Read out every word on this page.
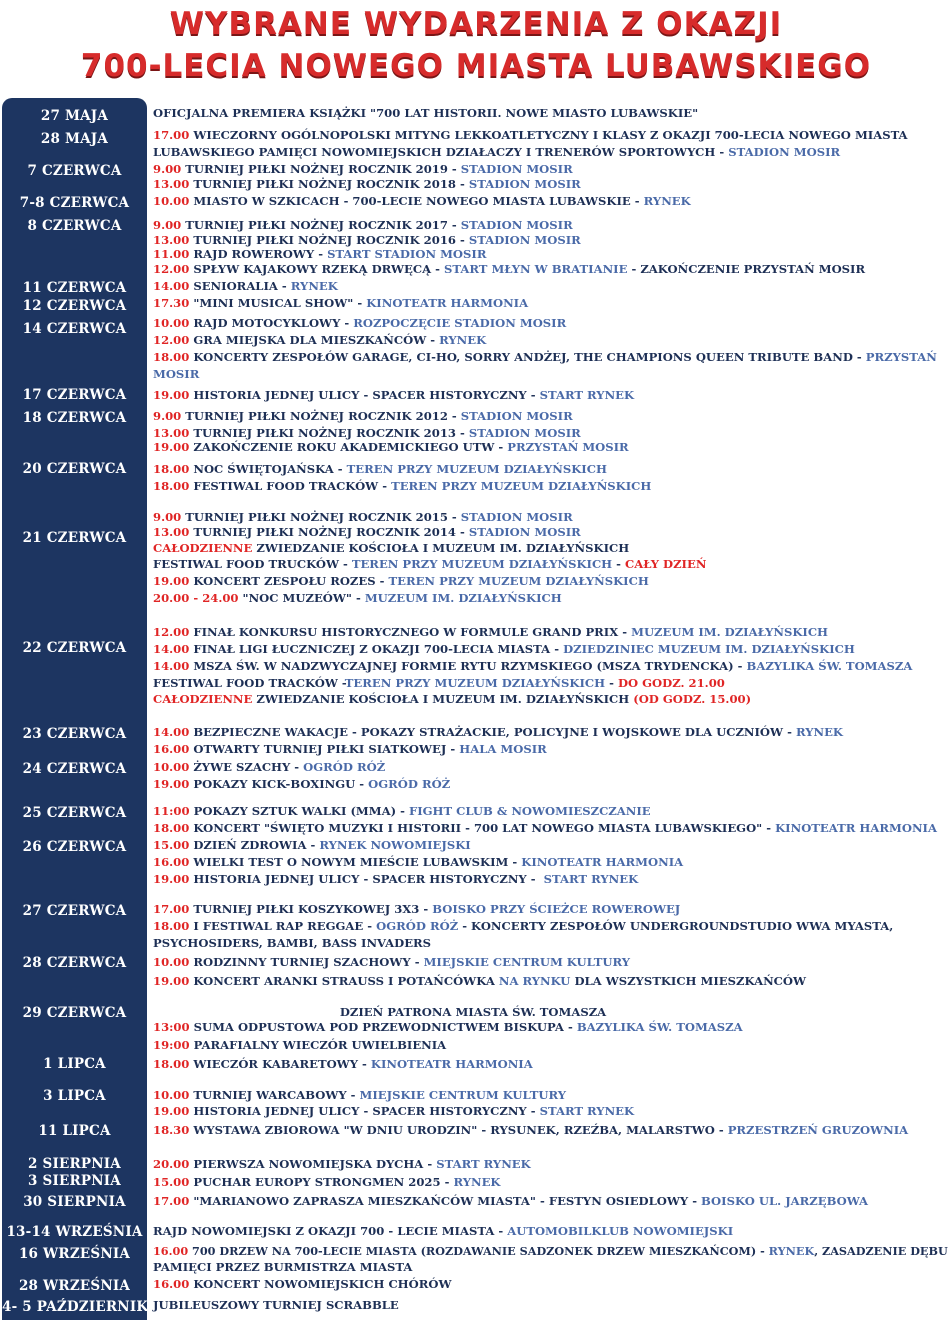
WYBRANE WYDARZENIA Z OKAZJI
700-LECIA NOWEGO MIASTA LUBAWSKIEGO
27 MAJA
28 MAJA
7 CZERWCA
7-8 CZERWCA
8 CZERWCA
11 CZERWCA
12 CZERWCA
14 CZERWCA
17 CZERWCA
18 CZERWCA
20 CZERWCA
21 CZERWCA
22 CZERWCA
23 CZERWCA
24 CZERWCA
25 CZERWCA
26 CZERWCA
27 CZERWCA
28 CZERWCA
29 CZERWCA
1 LIPCA
3 LIPCA
11 LIPCA
2 SIERPNIA
3 SIERPNIA
30 SIERPNIA
13-14 WRZEŚNIA
16 WRZEŚNIA
28 WRZEŚNIA
4- 5 PAŹDZIERNIKA
OFICJALNA PREMIERA KSIĄŻKI "700 LAT HISTORII. NOWE MIASTO LUBAWSKIE"
17.00 WIECZORNY OGÓLNOPOLSKI MITYNG LEKKOATLETYCZNY I KLASY Z OKAZJI 700-LECIA NOWEGO MIASTA
LUBAWSKIEGO PAMIĘCI NOWOMIEJSKICH DZIAŁACZY I TRENERÓW SPORTOWYCH - STADION MOSIR
9.00 TURNIEJ PIŁKI NOŻNEJ ROCZNIK 2019 - STADION MOSIR
13.00 TURNIEJ PIŁKI NOŻNEJ ROCZNIK 2018 - STADION MOSIR
10.00 MIASTO W SZKICACH - 700-LECIE NOWEGO MIASTA LUBAWSKIE - RYNEK
9.00 TURNIEJ PIŁKI NOŻNEJ ROCZNIK 2017 - STADION MOSIR
13.00 TURNIEJ PIŁKI NOŻNEJ ROCZNIK 2016 - STADION MOSIR
11.00 RAJD ROWEROWY - START STADION MOSIR
12.00 SPŁYW KAJAKOWY RZEKĄ DRWĘCĄ - START MŁYN W BRATIANIE - ZAKOŃCZENIE PRZYSTAŃ MOSIR
14.00 SENIORALIA - RYNEK
17.30 "MINI MUSICAL SHOW" - KINOTEATR HARMONIA
10.00 RAJD MOTOCYKLOWY - ROZPOCZĘCIE STADION MOSIR
12.00 GRA MIEJSKA DLA MIESZKAŃCÓW - RYNEK
18.00 KONCERTY ZESPOŁÓW GARAGE, CI-HO, SORRY ANDŻEJ, THE CHAMPIONS QUEEN TRIBUTE BAND - PRZYSTAŃ
MOSIR
19.00 HISTORIA JEDNEJ ULICY - SPACER HISTORYCZNY - START RYNEK
9.00 TURNIEJ PIŁKI NOŻNEJ ROCZNIK 2012 - STADION MOSIR
13.00 TURNIEJ PIŁKI NOŻNEJ ROCZNIK 2013 - STADION MOSIR
19.00 ZAKOŃCZENIE ROKU AKADEMICKIEGO UTW - PRZYSTAŃ MOSIR
18.00 NOC ŚWIĘTOJAŃSKA - TEREN PRZY MUZEUM DZIAŁYŃSKICH
18.00 FESTIWAL FOOD TRACKÓW - TEREN PRZY MUZEUM DZIAŁYŃSKICH
9.00 TURNIEJ PIŁKI NOŻNEJ ROCZNIK 2015 - STADION MOSIR
13.00 TURNIEJ PIŁKI NOŻNEJ ROCZNIK 2014 - STADION MOSIR
CAŁODZIENNE ZWIEDZANIE KOŚCIOŁA I MUZEUM IM. DZIAŁYŃSKICH
FESTIWAL FOOD TRUCKÓW - TEREN PRZY MUZEUM DZIAŁYŃSKICH - CAŁY DZIEŃ
19.00 KONCERT ZESPOŁU ROZES - TEREN PRZY MUZEUM DZIAŁYŃSKICH
20.00 - 24.00 "NOC MUZEÓW" - MUZEUM IM. DZIAŁYŃSKICH
12.00 FINAŁ KONKURSU HISTORYCZNEGO W FORMULE GRAND PRIX - MUZEUM IM. DZIAŁYŃSKICH
14.00 FINAŁ LIGI ŁUCZNICZEJ Z OKAZJI 700-LECIA MIASTA - DZIEDZINIEC MUZEUM IM. DZIAŁYŃSKICH
14.00 MSZA ŚW. W NADZWYCZAJNEJ FORMIE RYTU RZYMSKIEGO (MSZA TRYDENCKA) - BAZYLIKA ŚW. TOMASZA
FESTIWAL FOOD TRACKÓW -TEREN PRZY MUZEUM DZIAŁYŃSKICH - DO GODZ. 21.00
CAŁODZIENNE ZWIEDZANIE KOŚCIOŁA I MUZEUM IM. DZIAŁYŃSKICH (OD GODZ. 15.00)
14.00 BEZPIECZNE WAKACJE - POKAZY STRAŻACKIE, POLICYJNE I WOJSKOWE DLA UCZNIÓW - RYNEK
16.00 OTWARTY TURNIEJ PIŁKI SIATKOWEJ - HALA MOSIR
10.00 ŻYWE SZACHY - OGRÓD RÓŻ
19.00 POKAZY KICK-BOXINGU - OGRÓD RÓŻ
11:00 POKAZY SZTUK WALKI (MMA) - FIGHT CLUB & NOWOMIESZCZANIE
18.00 KONCERT "ŚWIĘTO MUZYKI I HISTORII - 700 LAT NOWEGO MIASTA LUBAWSKIEGO" - KINOTEATR HARMONIA
15.00 DZIEŃ ZDROWIA - RYNEK NOWOMIEJSKI
16.00 WIELKI TEST O NOWYM MIEŚCIE LUBAWSKIM - KINOTEATR HARMONIA
19.00 HISTORIA JEDNEJ ULICY - SPACER HISTORYCZNY -  START RYNEK
17.00 TURNIEJ PIŁKI KOSZYKOWEJ 3X3 - BOISKO PRZY ŚCIEŻCE ROWEROWEJ
18.00 I FESTIWAL RAP REGGAE - OGRÓD RÓŻ - KONCERTY ZESPOŁÓW UNDERGROUNDSTUDIO WWA MYASTA,
PSYCHOSIDERS, BAMBI, BASS INVADERS
10.00 RODZINNY TURNIEJ SZACHOWY - MIEJSKIE CENTRUM KULTURY
19.00 KONCERT ARANKI STRAUSS I POTAŃCÓWKA NA RYNKU DLA WSZYSTKICH MIESZKAŃCÓW
DZIEŃ PATRONA MIASTA ŚW. TOMASZA
13:00 SUMA ODPUSTOWA POD PRZEWODNICTWEM BISKUPA - BAZYLIKA ŚW. TOMASZA
19:00 PARAFIALNY WIECZÓR UWIELBIENIA
18.00 WIECZÓR KABARETOWY - KINOTEATR HARMONIA
10.00 TURNIEJ WARCABOWY - MIEJSKIE CENTRUM KULTURY
19.00 HISTORIA JEDNEJ ULICY - SPACER HISTORYCZNY - START RYNEK
18.30 WYSTAWA ZBIOROWA "W DNIU URODZIN" - RYSUNEK, RZEŹBA, MALARSTWO - PRZESTRZEŃ GRUZOWNIA
20.00 PIERWSZA NOWOMIEJSKA DYCHA - START RYNEK
15.00 PUCHAR EUROPY STRONGMEN 2025 - RYNEK
17.00 "MARIANOWO ZAPRASZA MIESZKAŃCÓW MIASTA" - FESTYN OSIEDLOWY - BOISKO UL. JARZĘBOWA
RAJD NOWOMIEJSKI Z OKAZJI 700 - LECIE MIASTA - AUTOMOBILKLUB NOWOMIEJSKI
16.00 700 DRZEW NA 700-LECIE MIASTA (ROZDAWANIE SADZONEK DRZEW MIESZKAŃCOM) - RYNEK, ZASADZENIE DĘBU
PAMIĘCI PRZEZ BURMISTRZA MIASTA
16.00 KONCERT NOWOMIEJSKICH CHÓRÓW
JUBILEUSZOWY TURNIEJ SCRABBLE
